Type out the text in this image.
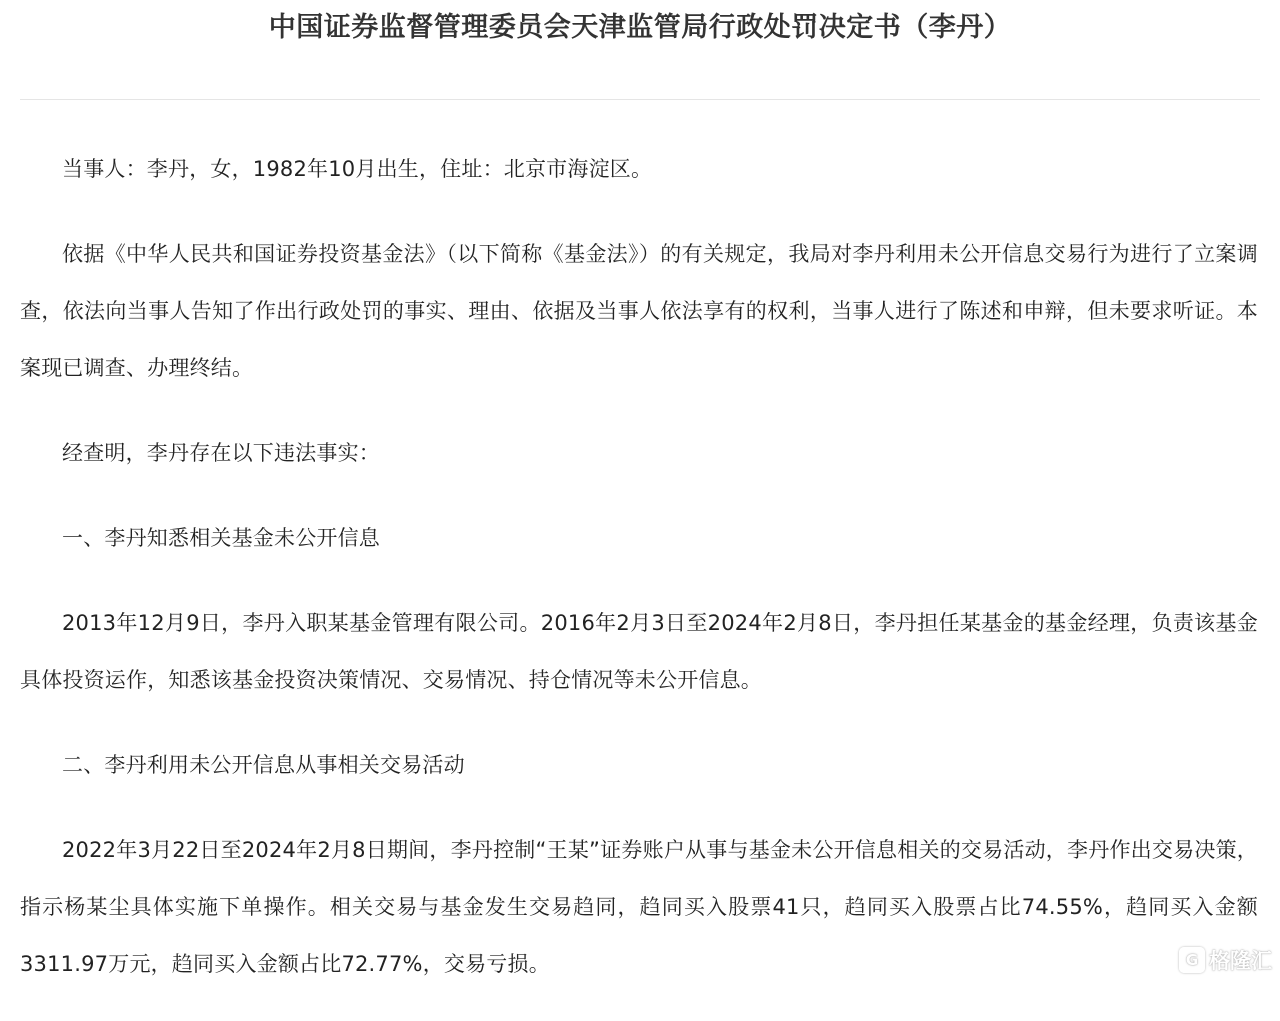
中国证券监督管理委员会天津监管局行政处罚决定书（李丹）

当事人：李丹，女，1982年10月出生，住址：北京市海淀区。

依据《中华人民共和国证券投资基金法》（以下简称《基金法》）的有关规定，我局对李丹利用未公开信息交易行为进行了立案调查，依法向当事人告知了作出行政处罚的事实、理由、依据及当事人依法享有的权利，当事人进行了陈述和申辩，但未要求听证。本案现已调查、办理终结。

经查明，李丹存在以下违法事实：

一、李丹知悉相关基金未公开信息

2013年12月9日，李丹入职某基金管理有限公司。2016年2月3日至2024年2月8日，李丹担任某基金的基金经理，负责该基金具体投资运作，知悉该基金投资决策情况、交易情况、持仓情况等未公开信息。

二、李丹利用未公开信息从事相关交易活动

2022年3月22日至2024年2月8日期间，李丹控制“王某”证券账户从事与基金未公开信息相关的交易活动，李丹作出交易决策，指示杨某尘具体实施下单操作。相关交易与基金发生交易趋同，趋同买入股票41只，趋同买入股票占比74.55%，趋同买入金额3311.97万元，趋同买入金额占比72.77%，交易亏损。	G 格隆汇
